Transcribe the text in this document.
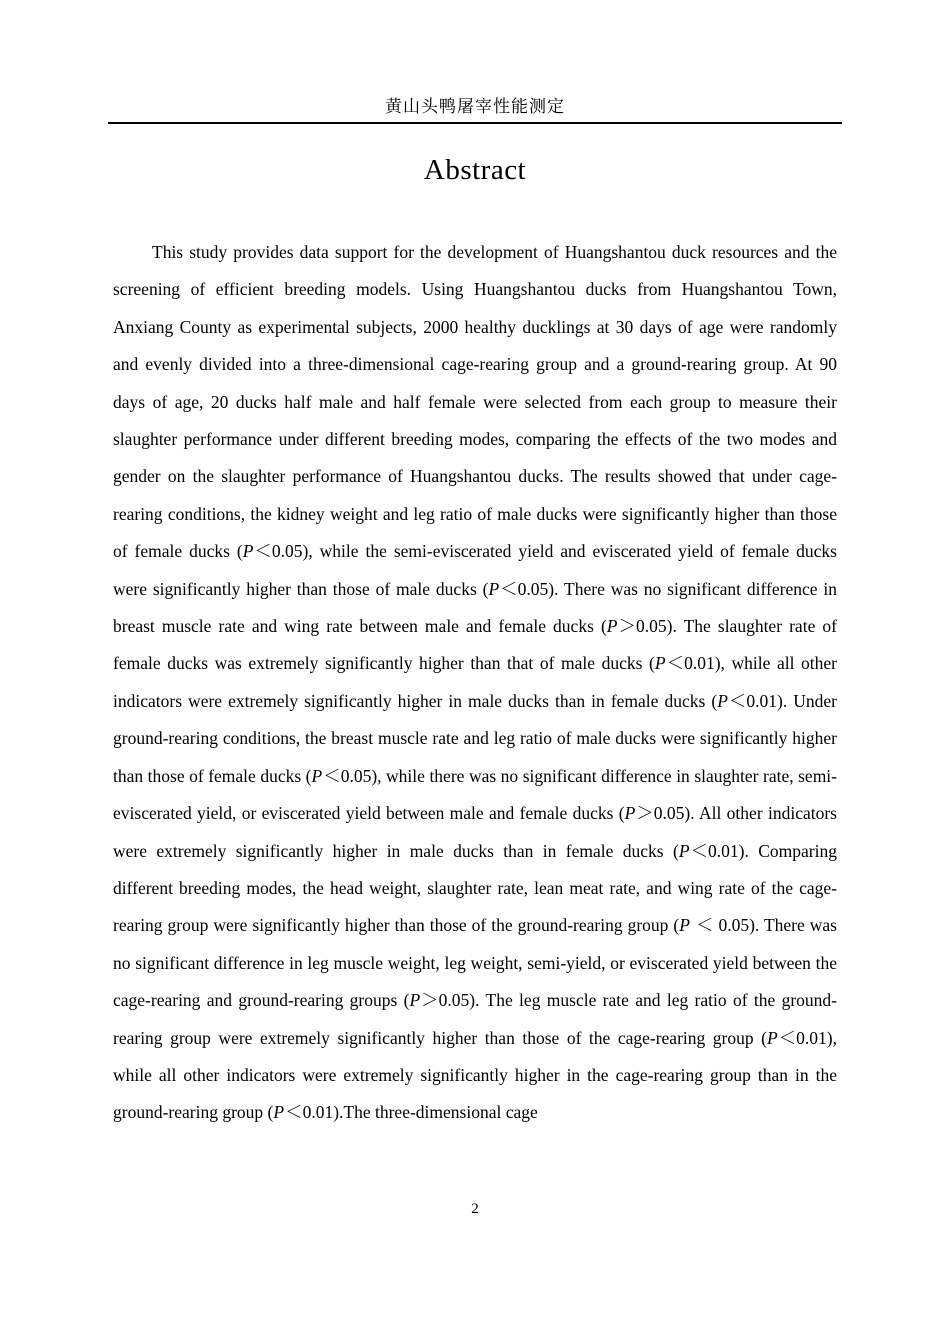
黄山头鸭屠宰性能测定
Abstract

This study provides data support for the development of Huangshantou duck resources and the screening of efficient breeding models. Using Huangshantou ducks from Huangshantou Town, Anxiang County as experimental subjects, 2000 healthy ducklings at 30 days of age were randomly and evenly divided into a three-dimensional cage-rearing group and a ground-rearing group. At 90 days of age, 20 ducks half male and half female were selected from each group to measure their slaughter performance under different breeding modes, comparing the effects of the two modes and gender on the slaughter performance of Huangshantou ducks. The results showed that under cage-rearing conditions, the kidney weight and leg ratio of male ducks were significantly higher than those of female ducks (P＜0.05), while the semi-eviscerated yield and eviscerated yield of female ducks were significantly higher than those of male ducks (P＜0.05). There was no significant difference in breast muscle rate and wing rate between male and female ducks (P＞0.05). The slaughter rate of female ducks was extremely significantly higher than that of male ducks (P＜0.01), while all other indicators were extremely significantly higher in male ducks than in female ducks (P＜0.01). Under ground-rearing conditions, the breast muscle rate and leg ratio of male ducks were significantly higher than those of female ducks (P＜0.05), while there was no significant difference in slaughter rate, semi-eviscerated yield, or eviscerated yield between male and female ducks (P＞0.05). All other indicators were extremely significantly higher in male ducks than in female ducks (P＜0.01). Comparing different breeding modes, the head weight, slaughter rate, lean meat rate, and wing rate of the cage-rearing group were significantly higher than those of the ground-rearing group (P ＜ 0.05). There was no significant difference in leg muscle weight, leg weight, semi-yield, or eviscerated yield between the cage-rearing and ground-rearing groups (P＞0.05). The leg muscle rate and leg ratio of the ground-rearing group were extremely significantly higher than those of the cage-rearing group (P＜0.01), while all other indicators were extremely significantly higher in the cage-rearing group than in the ground-rearing group (P＜0.01).The three-dimensional cage

2
